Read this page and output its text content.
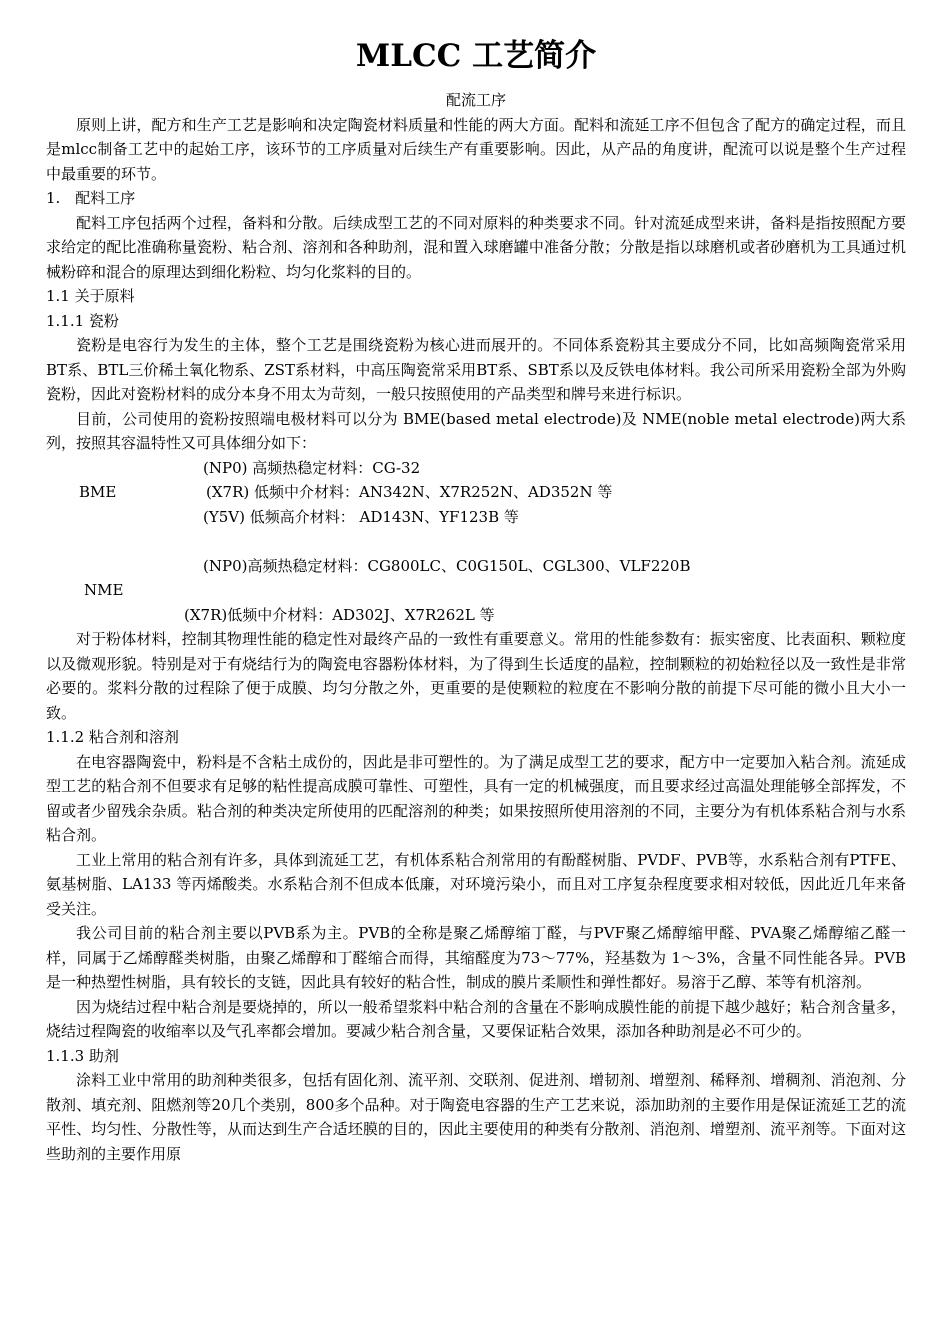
MLCC 工艺简介
配流工序

原则上讲，配方和生产工艺是影响和决定陶瓷材料质量和性能的两大方面。配料和流延工序不但包含了配方的确定过程，而且是mlcc制备工艺中的起始工序，该环节的工序质量对后续生产有重要影响。因此，从产品的角度讲，配流可以说是整个生产过程中最重要的环节。

1.　配料工序

配料工序包括两个过程，备料和分散。后续成型工艺的不同对原料的种类要求不同。针对流延成型来讲，备料是指按照配方要求给定的配比准确称量瓷粉、粘合剂、溶剂和各种助剂，混和置入球磨罐中准备分散；分散是指以球磨机或者砂磨机为工具通过机械粉碎和混合的原理达到细化粉粒、均匀化浆料的目的。

1.1 关于原料
1.1.1 瓷粉

瓷粉是电容行为发生的主体，整个工艺是围绕瓷粉为核心进而展开的。不同体系瓷粉其主要成分不同，比如高频陶瓷常采用BT系、BTL三价稀土氧化物系、ZST系材料，中高压陶瓷常采用BT系、SBT系以及反铁电体材料。我公司所采用瓷粉全部为外购瓷粉，因此对瓷粉材料的成分本身不用太为苛刻，一般只按照使用的产品类型和牌号来进行标识。

目前，公司使用的瓷粉按照端电极材料可以分为 BME(based metal electrode)及 NME(noble metal electrode)两大系列，按照其容温特性又可具体细分如下：

(NP0) 高频热稳定材料：CG-32
BME	(X7R) 低频中介材料：AN342N、X7R252N、AD352N 等
(Y5V) 低频高介材料： AD143N、YF123B 等
(NP0)高频热稳定材料：CG800LC、C0G150L、CGL300、VLF220B
NME
(X7R)低频中介材料：AD302J、X7R262L 等

对于粉体材料，控制其物理性能的稳定性对最终产品的一致性有重要意义。常用的性能参数有：振实密度、比表面积、颗粒度以及微观形貌。特别是对于有烧结行为的陶瓷电容器粉体材料，为了得到生长适度的晶粒，控制颗粒的初始粒径以及一致性是非常必要的。浆料分散的过程除了便于成膜、均匀分散之外，更重要的是使颗粒的粒度在不影响分散的前提下尽可能的微小且大小一致。

1.1.2 粘合剂和溶剂

在电容器陶瓷中，粉料是不含粘土成份的，因此是非可塑性的。为了满足成型工艺的要求，配方中一定要加入粘合剂。流延成型工艺的粘合剂不但要求有足够的粘性提高成膜可靠性、可塑性，具有一定的机械强度，而且要求经过高温处理能够全部挥发，不留或者少留残余杂质。粘合剂的种类决定所使用的匹配溶剂的种类；如果按照所使用溶剂的不同，主要分为有机体系粘合剂与水系粘合剂。

工业上常用的粘合剂有许多，具体到流延工艺，有机体系粘合剂常用的有酚醛树脂、PVDF、PVB等，水系粘合剂有PTFE、氨基树脂、LA133 等丙烯酸类。水系粘合剂不但成本低廉，对环境污染小，而且对工序复杂程度要求相对较低，因此近几年来备受关注。

我公司目前的粘合剂主要以PVB系为主。PVB的全称是聚乙烯醇缩丁醛，与PVF聚乙烯醇缩甲醛、PVA聚乙烯醇缩乙醛一样，同属于乙烯醇醛类树脂，由聚乙烯醇和丁醛缩合而得，其缩醛度为73～77%，羟基数为 1～3%，含量不同性能各异。PVB 是一种热塑性树脂，具有较长的支链，因此具有较好的粘合性，制成的膜片柔顺性和弹性都好。易溶于乙醇、苯等有机溶剂。

因为烧结过程中粘合剂是要烧掉的，所以一般希望浆料中粘合剂的含量在不影响成膜性能的前提下越少越好；粘合剂含量多，烧结过程陶瓷的收缩率以及气孔率都会增加。要减少粘合剂含量，又要保证粘合效果，添加各种助剂是必不可少的。

1.1.3 助剂

涂料工业中常用的助剂种类很多，包括有固化剂、流平剂、交联剂、促进剂、增韧剂、增塑剂、稀释剂、增稠剂、消泡剂、分散剂、填充剂、阻燃剂等20几个类别，800多个品种。对于陶瓷电容器的生产工艺来说，添加助剂的主要作用是保证流延工艺的流平性、均匀性、分散性等，从而达到生产合适坯膜的目的，因此主要使用的种类有分散剂、消泡剂、增塑剂、流平剂等。下面对这些助剂的主要作用原
